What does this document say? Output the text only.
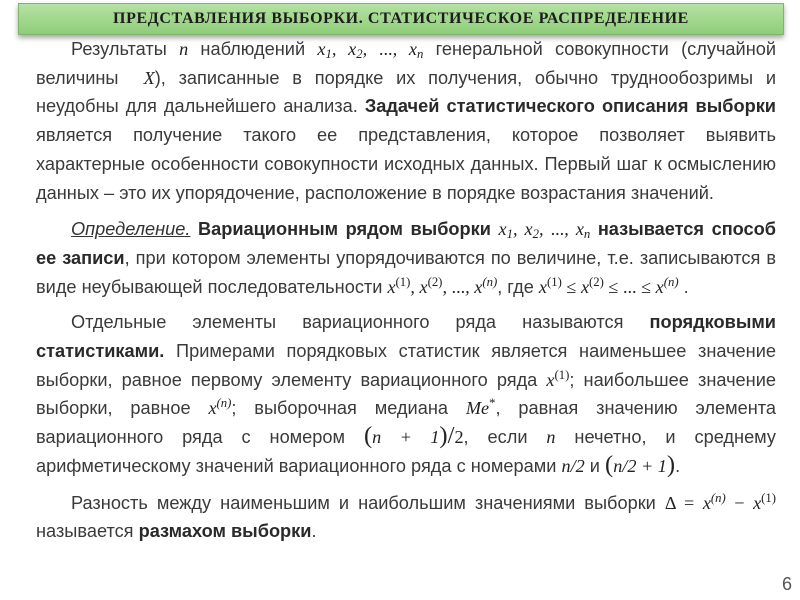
ПРЕДСТАВЛЕНИЯ ВЫБОРКИ. СТАТИСТИЧЕСКОЕ РАСПРЕДЕЛЕНИЕ
Результаты n наблюдений $x_1$, $x_2$, ..., $x_n$ генеральной совокупности (случайной величины X), записанные в порядке их получения, обычно труднообозримы и неудобны для дальнейшего анализа. Задачей статистического описания выборки является получение такого ее представления, которое позволяет выявить характерные особенности совокупности исходных данных. Первый шаг к осмыслению данных – это их упорядочение, расположение в порядке возрастания значений.
Определение. Вариационным рядом выборки $x_1$, $x_2$, ..., $x_n$ называется способ ее записи, при котором элементы упорядочиваются по величине, т.е. записываются в виде неубывающей последовательности $x^{(1)}$, $x^{(2)}$, ..., $x^{(n)}$, где $x^{(1)} \le x^{(2)}$ ≤ ... ≤ $x^{(n)}$ .
Отдельные элементы вариационного ряда называются порядковыми статистиками. Примерами порядковых статистик является наименьшее значение выборки, равное первому элементу вариационного ряда $x^{(1)}$; наибольшее значение выборки, равное $x^{(n)}$; выборочная медиана Me*, равная значению элемента вариационного ряда с номером (n + 1)/2, если n нечетно, и среднему арифметическому значений вариационного ряда с номерами n/2 и (n/2 + 1).
Разность между наименьшим и наибольшим значениями выборки $\Delta = x^{(n)} - x^{(1)}$ называется размахом выборки.
6
